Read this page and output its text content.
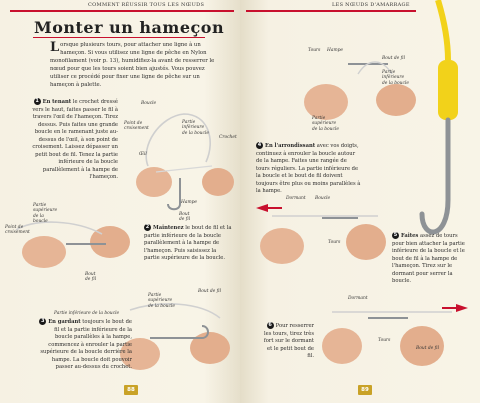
COMMENT RÉUSSIR TOUS LES NŒUDS
Monter un hameçon

Lorsque plusieurs tours, pour attacher une ligne à un hameçon. Si vous utilisez une ligne de pêche en Nylon monofilament (voir p. 13), humidifiez-la avant de resserrer le nœud pour que les tours soient bien ajustés. Vous pouvez utiliser ce procédé pour fixer une ligne de pêche sur un hameçon à palette.

1 En tenant le crochet dressé vers le haut, faites passer le fil à travers l'œil de l'hameçon. Tirez dessus. Puis faites une grande boucle en le ramenant juste au-dessus de l'œil, à son point de croisement. Laissez dépasser un petit bout de fil. Tenez la partie inférieure de la boucle parallèlement à la hampe de l'hameçon.

Boucle
Point de croisement
Partie inférieure de la boucle
Crochet
Œil
Hampe
Partie supérieure de la boucle
Point de croisement
Bout de fil
Bout de fil

2 Maintenez le bout de fil et la partie inférieure de la boucle parallèlement à la hampe de l'hameçon. Puis saisissez la partie supérieure de la boucle.

Partie supérieure de la boucle
Partie inférieure de la boucle
Bout de fil

3 En gardant toujours le bout de fil et la partie inférieure de la boucle parallèles à la hampe, commencez à enrouler la partie supérieure de la boucle derrière la hampe. La boucle doit pouvoir passer au-dessus du crochet.

88
LES NŒUDS D'AMARRAGE
Tours Hampe
Bout de fil
Partie inférieure de la boucle
Partie supérieure de la boucle

4 En l'arrondissant avec vos doigts, continuez à enrouler la boucle autour de la hampe. Faites une rangée de tours réguliers. La partie inférieure de la boucle et le bout de fil doivent toujours être plus ou moins parallèles à la hampe.

Dormant Boucle
Tours

5 Faites assez de tours pour bien attacher la partie inférieure de la boucle et le bout de fil à la hampe de l'hameçon. Tirez sur le dormant pour serrer la boucle.

Dormant
Tours
Bout de fil

6 Pour resserrer les tours, tirez très fort sur le dormant et le petit bout de fil.

89
